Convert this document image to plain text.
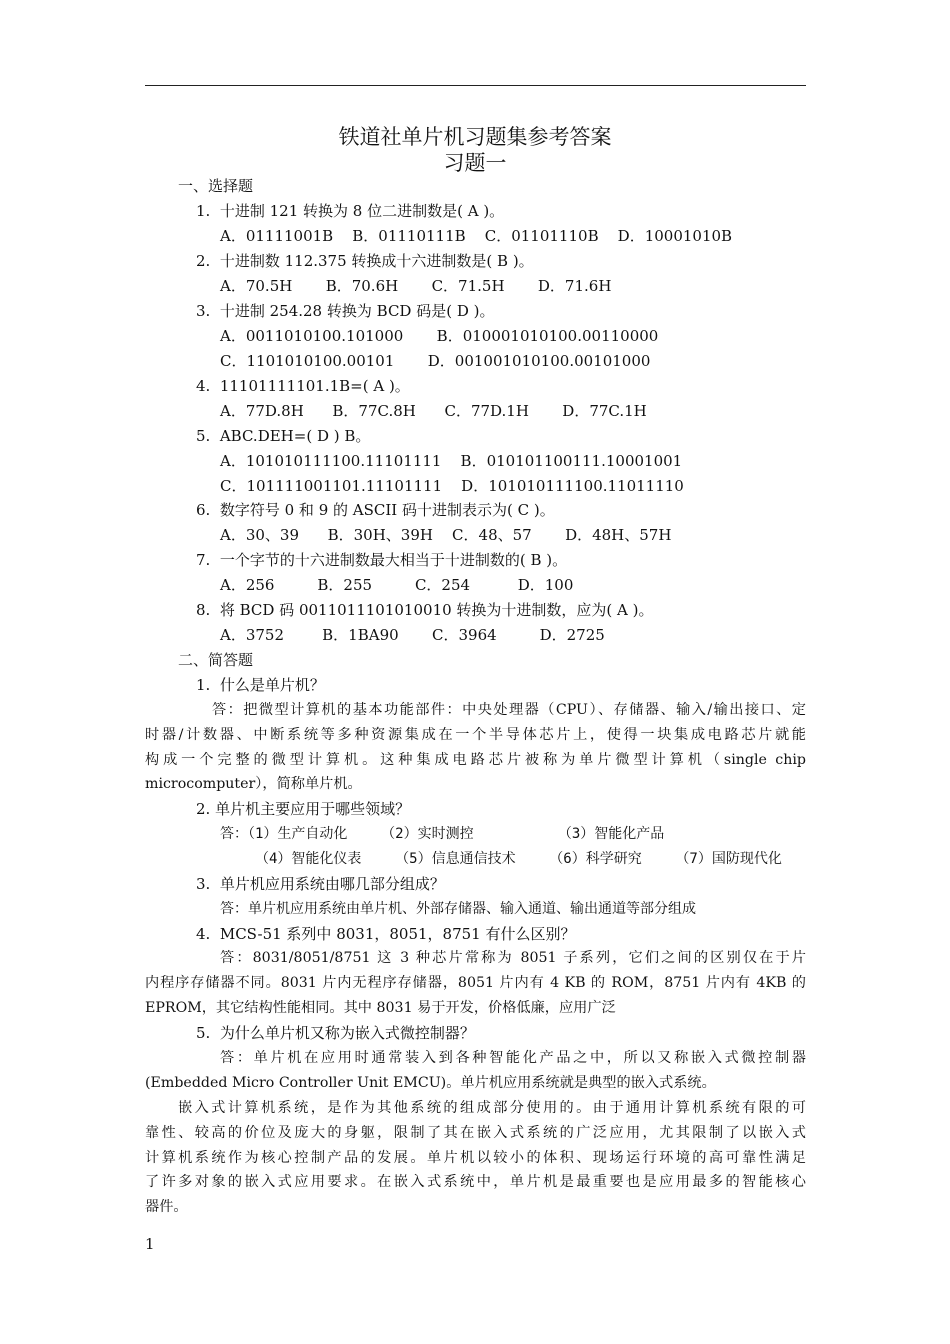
铁道社单片机习题集参考答案
习题一
一、选择题
1.  十进制 121 转换为 8 位二进制数是( A )。
A．01111001B    B．01110111B    C．01101110B    D．10001010B
2.  十进制数 112.375 转换成十六进制数是( B )。
A．70.5H       B．70.6H       C．71.5H       D．71.6H
3.  十进制 254.28 转换为 BCD 码是( D )。
A．0011010100.101000       B．010001010100.00110000
C．1101010100.00101       D．001001010100.00101000
4.  11101111101.1B=( A )。
A．77D.8H      B．77C.8H      C．77D.1H       D．77C.1H
5.  ABC.DEH=( D ) B。
A．101010111100.11101111    B．010101100111.10001001
C．101111001101.11101111    D．101010111100.11011110
6.  数字符号 0 和 9 的 ASCII 码十进制表示为( C )。
A．30、39      B．30H、39H    C．48、57       D．48H、57H
7.  一个字节的十六进制数最大相当于十进制数的( B )。
A．256         B．255         C．254          D．100
8.  将 BCD 码 0011011101010010 转换为十进制数，应为( A )。
A．3752        B．1BA90       C．3964         D．2725
二、简答题
1.  什么是单片机？
答：把微型计算机的基本功能部件：中央处理器（CPU）、存储器、输入/输出接口、定
时器/计数器、中断系统等多种资源集成在一个半导体芯片上，使得一块集成电路芯片就能
构成一个完整的微型计算机。这种集成电路芯片被称为单片微型计算机（single chip
microcomputer），简称单片机。
2. 单片机主要应用于哪些领域？
答：（1）生产自动化    （2）实时测控          （3）智能化产品
（4）智能化仪表    （5）信息通信技术    （6）科学研究    （7）国防现代化
3.  单片机应用系统由哪几部分组成？
答：单片机应用系统由单片机、外部存储器、输入通道、输出通道等部分组成
4.  MCS-51 系列中 8031，8051，8751 有什么区别？
答：8031/8051/8751 这 3 种芯片常称为 8051 子系列，它们之间的区别仅在于片
内程序存储器不同。8031 片内无程序存储器，8051 片内有 4 KB 的 ROM，8751 片内有 4KB 的
EPROM，其它结构性能相同。其中 8031 易于开发，价格低廉，应用广泛
5.  为什么单片机又称为嵌入式微控制器？
答：单片机在应用时通常装入到各种智能化产品之中，所以又称嵌入式微控制器
(Embedded Micro Controller Unit EMCU)。单片机应用系统就是典型的嵌入式系统。
嵌入式计算机系统，是作为其他系统的组成部分使用的。由于通用计算机系统有限的可
靠性、较高的价位及庞大的身躯，限制了其在嵌入式系统的广泛应用，尤其限制了以嵌入式
计算机系统作为核心控制产品的发展。单片机以较小的体积、现场运行环境的高可靠性满足
了许多对象的嵌入式应用要求。在嵌入式系统中，单片机是最重要也是应用最多的智能核心
器件。
1
